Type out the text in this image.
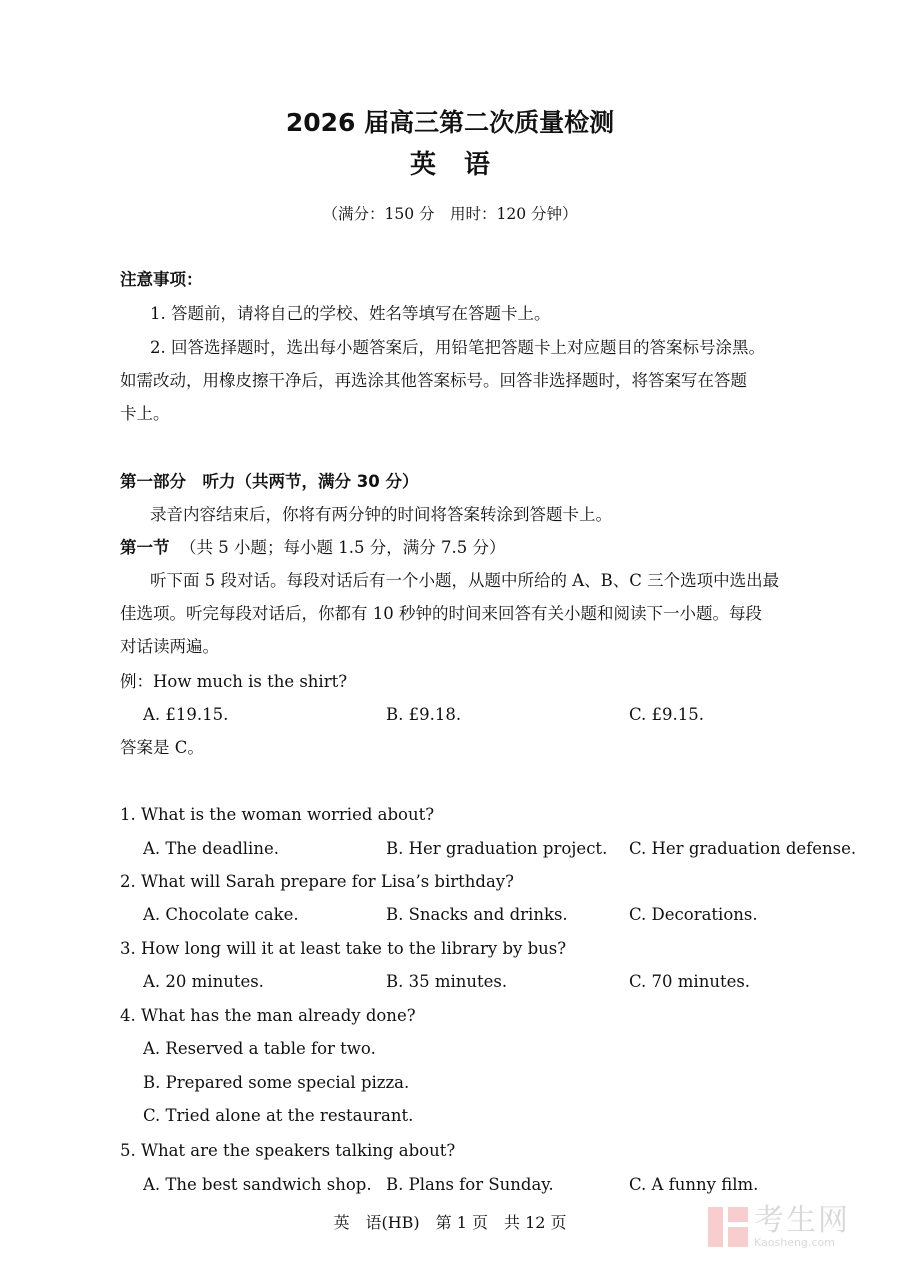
2026 届高三第二次质量检测
英语
（满分：150 分　用时：120 分钟）
注意事项：
1. 答题前，请将自己的学校、姓名等填写在答题卡上。
2. 回答选择题时，选出每小题答案后，用铅笔把答题卡上对应题目的答案标号涂黑。
如需改动，用橡皮擦干净后，再选涂其他答案标号。回答非选择题时，将答案写在答题
卡上。
第一部分　听力（共两节，满分 30 分）
录音内容结束后，你将有两分钟的时间将答案转涂到答题卡上。
第一节 （共 5 小题；每小题 1.5 分，满分 7.5 分）
听下面 5 段对话。每段对话后有一个小题，从题中所给的 A、B、C 三个选项中选出最
佳选项。听完每段对话后，你都有 10 秒钟的时间来回答有关小题和阅读下一小题。每段
对话读两遍。
例：How much is the shirt?
A. £19.15.	B. £9.18.	C. £9.15.
答案是 C。
1. What is the woman worried about?
A. The deadline.	B. Her graduation project. C. Her graduation defense.
2. What will Sarah prepare for Lisa’s birthday?
A. Chocolate cake.	B. Snacks and drinks.	C. Decorations.
3. How long will it at least take to the library by bus?
A. 20 minutes.	B. 35 minutes.	C. 70 minutes.
4. What has the man already done?
A. Reserved a table for two.
B. Prepared some special pizza.
C. Tried alone at the restaurant.
5. What are the speakers talking about?
A. The best sandwich shop. B. Plans for Sunday.	C. A funny film.
英　语(HB)　第 1 页　共 12 页	考生网
Kaosheng.com
